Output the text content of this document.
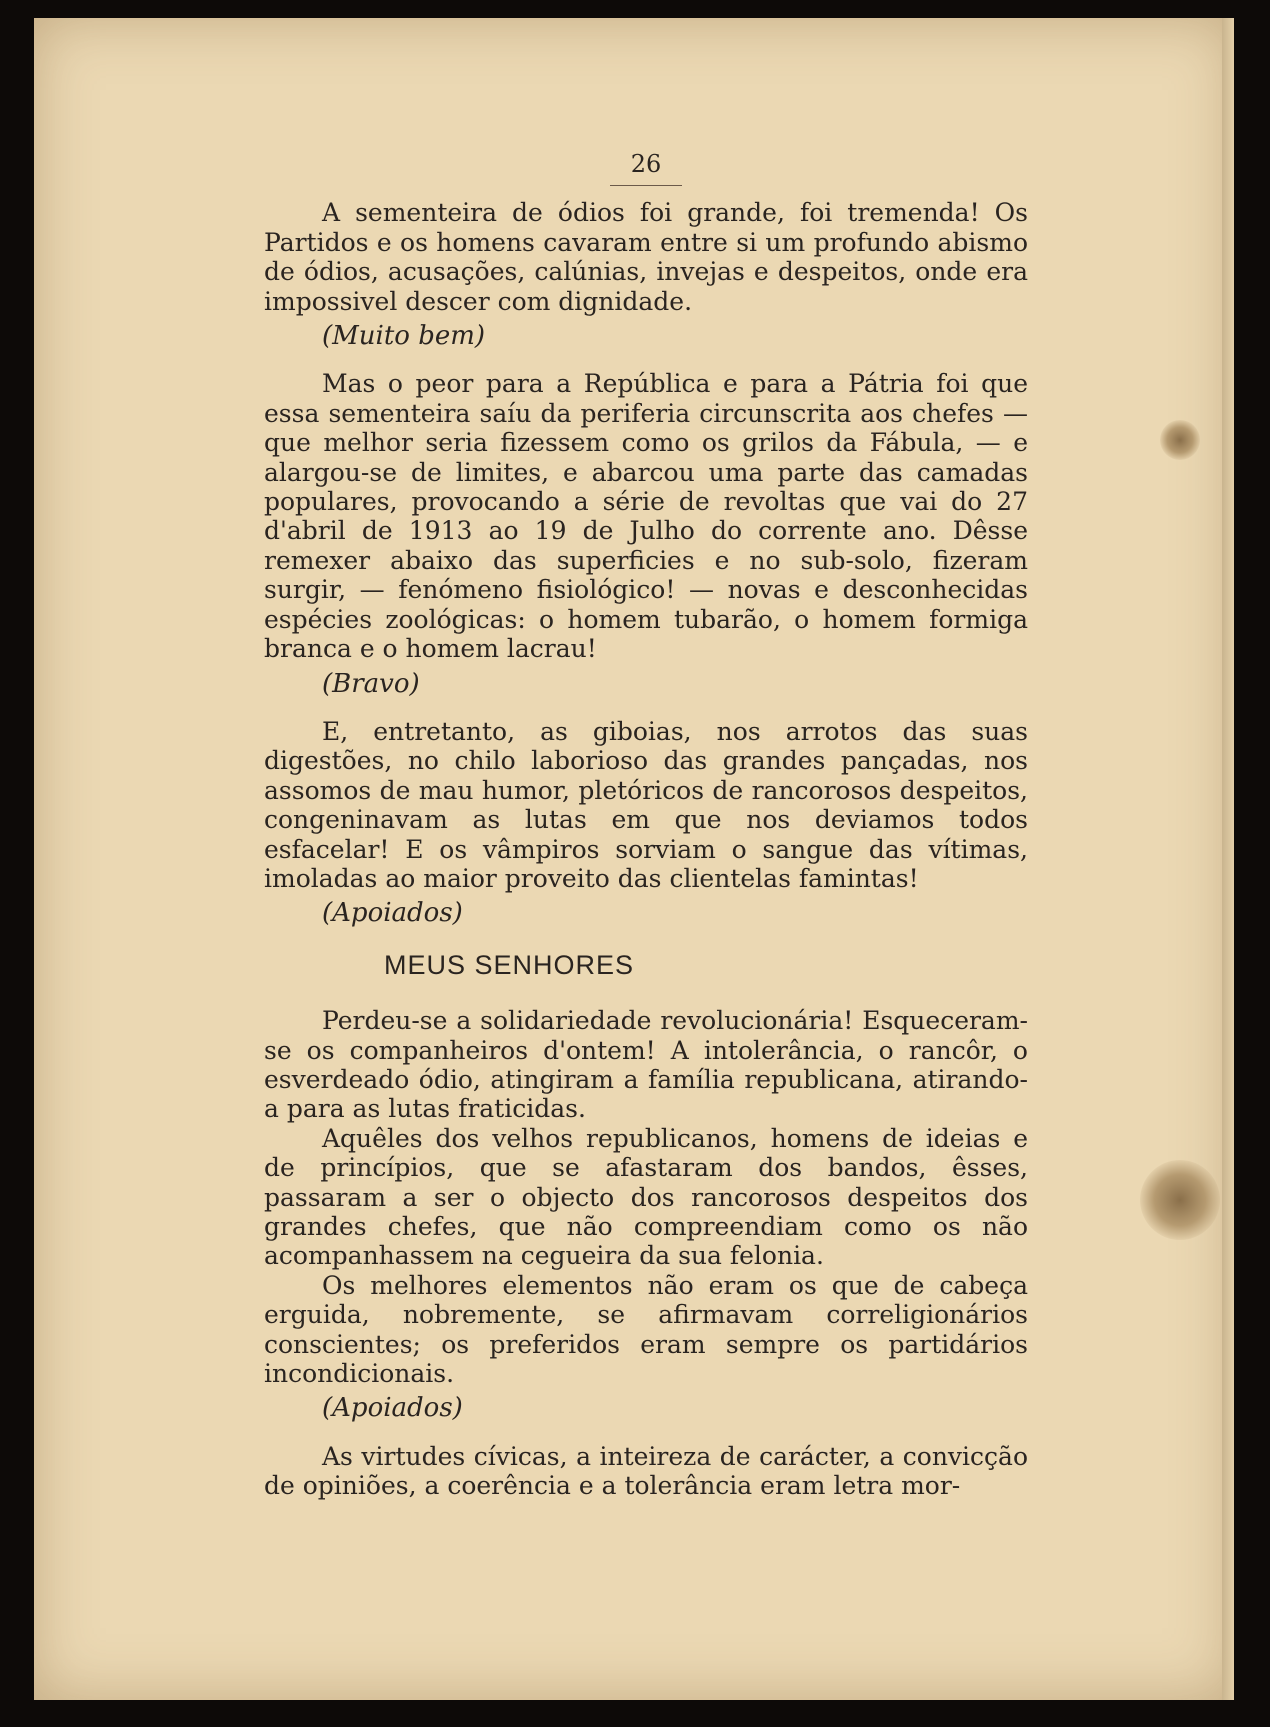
26

A sementeira de ódios foi grande, foi tremenda! Os Partidos e os homens cavaram entre si um profundo abismo de ódios, acusações, calúnias, invejas e despeitos, onde era impossivel descer com dignidade.

(Muito bem)

Mas o peor para a República e para a Pátria foi que essa sementeira saíu da periferia circunscrita aos chefes — que melhor seria fizessem como os grilos da Fábula, — e alargou-se de limites, e abarcou uma parte das camadas populares, provocando a série de revoltas que vai do 27 d'abril de 1913 ao 19 de Julho do corrente ano. Dêsse remexer abaixo das superficies e no sub-solo, fizeram surgir, — fenómeno fisiológico! — novas e desconhecidas espécies zoológicas: o homem tubarão, o homem formiga branca e o homem lacrau!

(Bravo)

E, entretanto, as giboias, nos arrotos das suas digestões, no chilo laborioso das grandes pançadas, nos assomos de mau humor, pletóricos de rancorosos despeitos, congeninavam as lutas em que nos deviamos todos esfacelar! E os vâmpiros sorviam o sangue das vítimas, imoladas ao maior proveito das clientelas famintas!

(Apoiados)
MEUS SENHORES

Perdeu-se a solidariedade revolucionária! Esqueceram-se os companheiros d'ontem! A intolerância, o rancôr, o esverdeado ódio, atingiram a família republicana, atirando-a para as lutas fraticidas.

Aquêles dos velhos republicanos, homens de ideias e de princípios, que se afastaram dos bandos, êsses, passaram a ser o objecto dos rancorosos despeitos dos grandes chefes, que não compreendiam como os não acompanhassem na cegueira da sua felonia.

Os melhores elementos não eram os que de cabeça erguida, nobremente, se afirmavam correligionários conscientes; os preferidos eram sempre os partidários incondicionais.

(Apoiados)

As virtudes cívicas, a inteireza de carácter, a convicção de opiniões, a coerência e a tolerância eram letra mor-
